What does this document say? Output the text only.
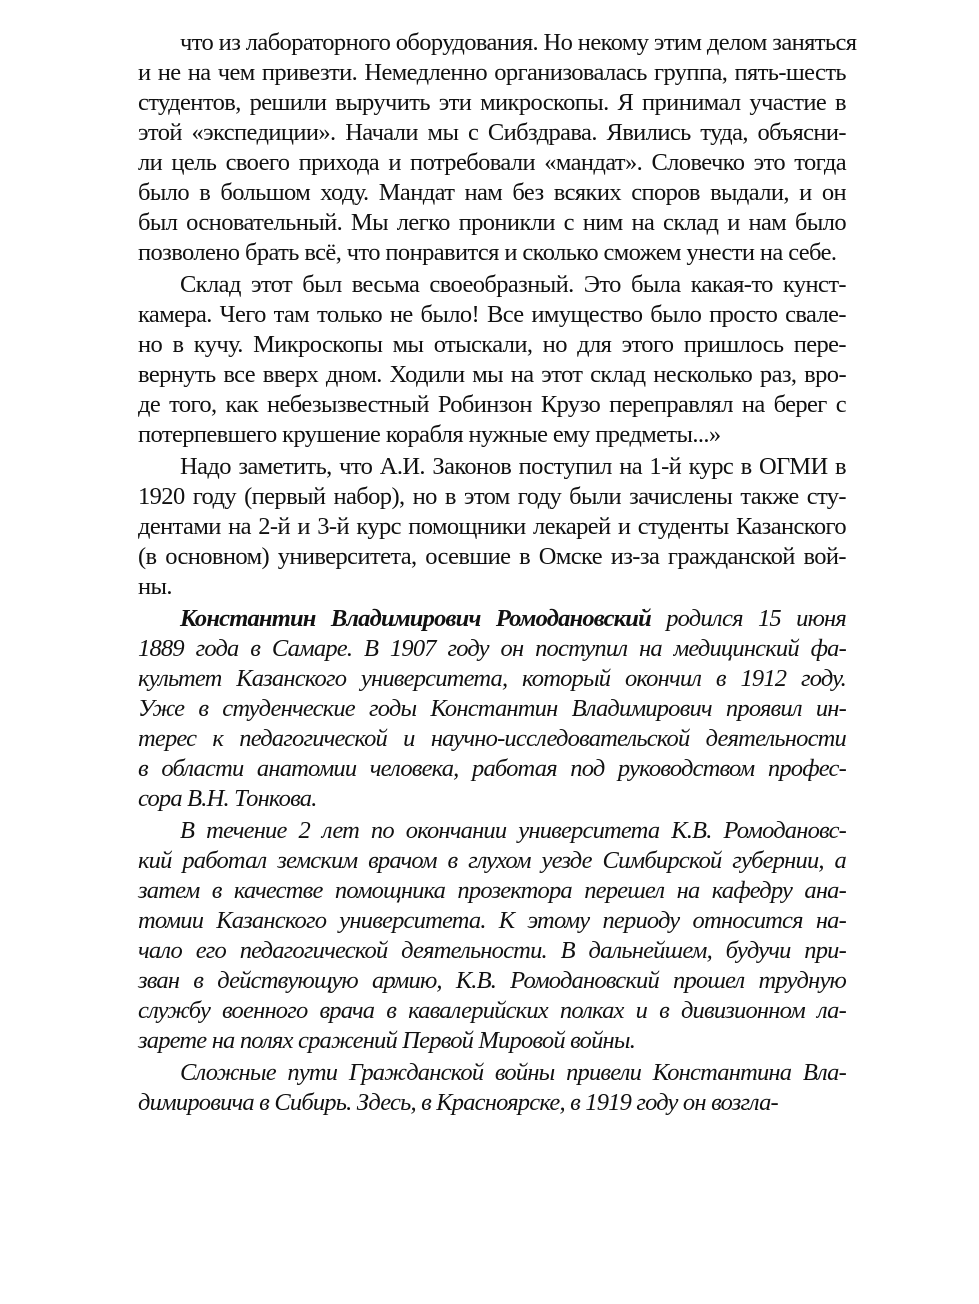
что из лабораторного оборудования. Но некому этим делом заняться
и не на чем привезти. Немедленно организовалась группа, пять-шесть
студентов, решили выручить эти микроскопы. Я принимал участие в
этой «экспедиции». Начали мы с Сибздрава. Явились туда, объясни-
ли цель своего прихода и потребовали «мандат». Словечко это тогда
было в большом ходу. Мандат нам без всяких споров выдали, и он
был основательный. Мы легко проникли с ним на склад и нам было
позволено брать всё, что понравится и сколько сможем унести на себе.
Склад этот был весьма своеобразный. Это была какая-то кунст-
камера. Чего там только не было! Все имущество было просто свале-
но в кучу. Микроскопы мы отыскали, но для этого пришлось пере-
вернуть все вверх дном. Ходили мы на этот склад несколько раз, вро-
де того, как небезызвестный Робинзон Крузо переправлял на берег с
потерпевшего крушение корабля нужные ему предметы...»
Надо заметить, что А.И. Законов поступил на 1-й курс в ОГМИ в
1920 году (первый набор), но в этом году были зачислены также сту-
дентами на 2-й и 3-й курс помощники лекарей и студенты Казанского
(в основном) университета, осевшие в Омске из-за гражданской вой-
ны.
Константин Владимирович Ромодановский родился 15 июня
1889 года в Самаре. В 1907 году он поступил на медицинский фа-
культет Казанского университета, который окончил в 1912 году.
Уже в студенческие годы Константин Владимирович проявил ин-
терес к педагогической и научно-исследовательской деятельности
в области анатомии человека, работая под руководством профес-
сора В.Н. Тонкова.
В течение 2 лет по окончании университета К.В. Ромодановс-
кий работал земским врачом в глухом уезде Симбирской губернии, а
затем в качестве помощника прозектора перешел на кафедру ана-
томии Казанского университета. К этому периоду относится на-
чало его педагогической деятельности. В дальнейшем, будучи при-
зван в действующую армию, К.В. Ромодановский прошел трудную
службу военного врача в кавалерийских полках и в дивизионном ла-
зарете на полях сражений Первой Мировой войны.
Сложные пути Гражданской войны привели Константина Вла-
димировича в Сибирь. Здесь, в Красноярске, в 1919 году он возгла-
